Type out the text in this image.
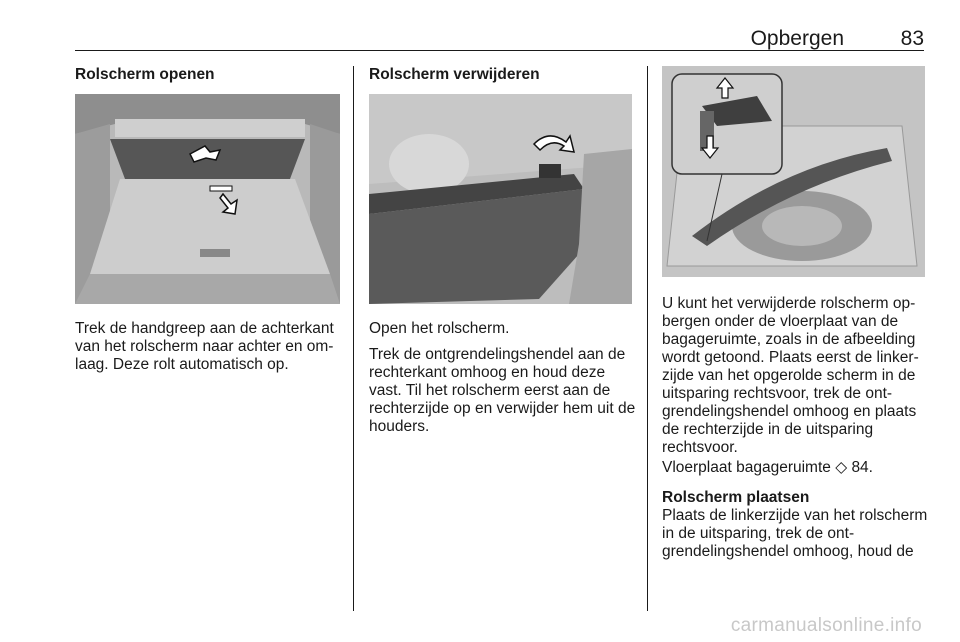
Opbergen	83
Rolscherm openen
Trek de handgreep aan de achterkant van het rolscherm naar achter en omlaag. Deze rolt automatisch op.
Rolscherm verwijderen
Open het rolscherm.
Trek de ontgrendelingshendel aan de rechterkant omhoog en houd deze vast. Til het rolscherm eerst aan de rechterzijde op en verwijder hem uit de houders.
U kunt het verwijderde rolscherm opbergen onder de vloerplaat van de bagageruimte, zoals in de afbeelding wordt getoond. Plaats eerst de linkerzijde van het opgerolde scherm in de uitsparing rechtsvoor, trek de ontgrendelingshendel omhoog en plaats de rechterzijde in de uitsparing rechtsvoor.
Vloerplaat bagageruimte ◇ 84.
Rolscherm plaatsen
Plaats de linkerzijde van het rolscherm in de uitsparing, trek de ontgrendelingshendel omhoog, houd de
carmanualsonline.info
